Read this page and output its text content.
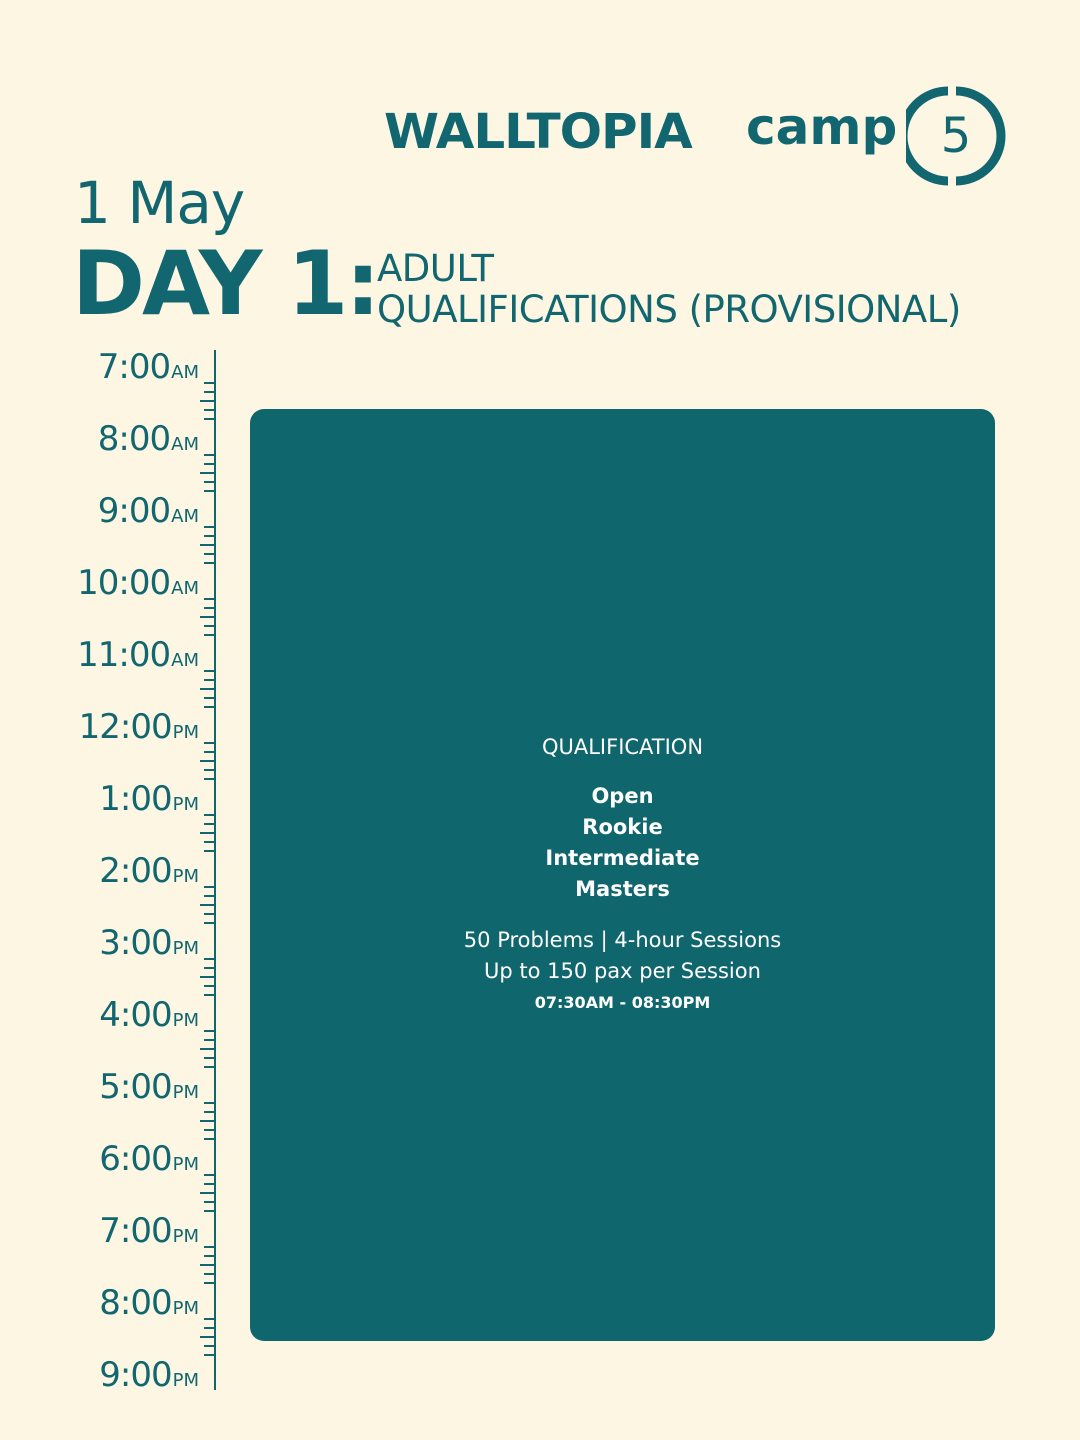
WALLTOPIA camp 5
1 May
DAY 1: ADULT
QUALIFICATIONS (PROVISIONAL)
7:00AM
8:00AM
9:00AM
10:00AM
11:00AM
12:00PM
1:00PM
2:00PM
3:00PM
4:00PM
5:00PM
6:00PM
7:00PM
8:00PM
9:00PM
QUALIFICATION
Open
Rookie
Intermediate
Masters
50 Problems | 4-hour Sessions
Up to 150 pax per Session
07:30AM - 08:30PM
